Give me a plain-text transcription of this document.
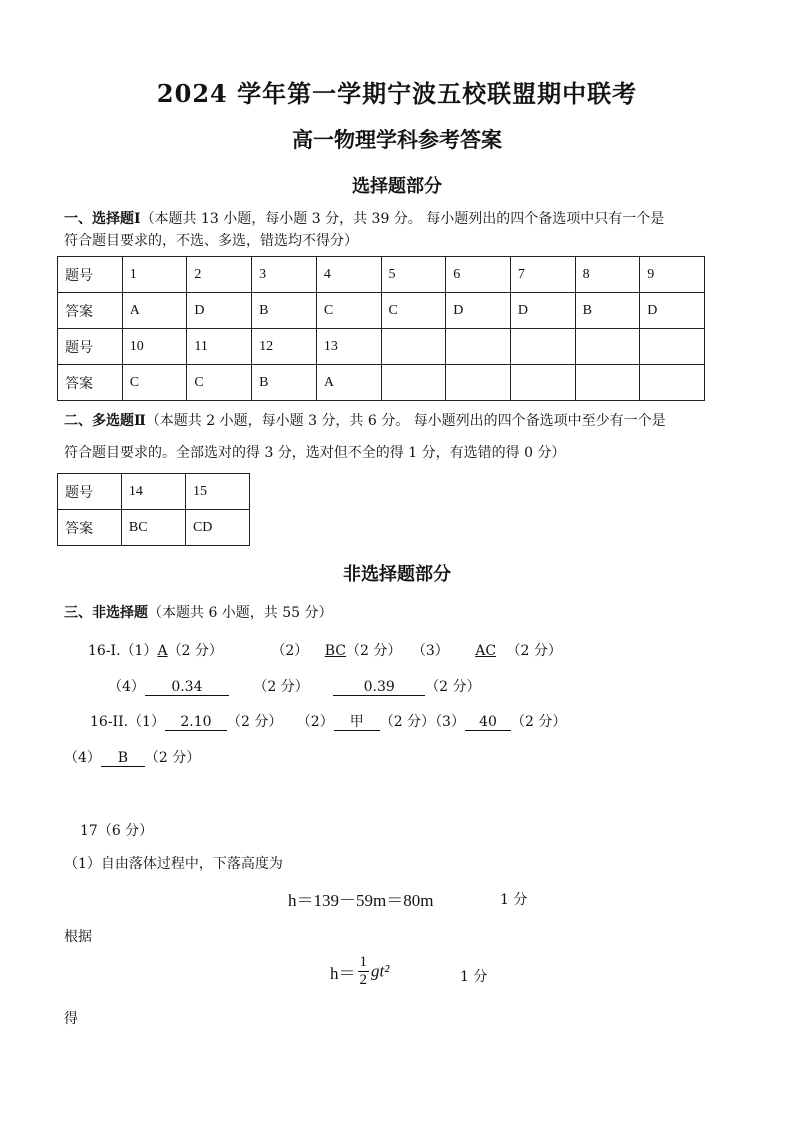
2024 学年第一学期宁波五校联盟期中联考
高一物理学科参考答案
选择题部分
一、选择题Ⅰ（本题共 13 小题，每小题 3 分，共 39 分。 每小题列出的四个备选项中只有一个是
符合题目要求的，不选、多选，错选均不得分）
题号	1	2	3	4	5	6	7	8	9
答案	A	D	B	C	C	D	D	B	D
题号	10	11	12	13					
答案	C	C	B	A					
二、多选题Ⅱ（本题共 2 小题，每小题 3 分，共 6 分。 每小题列出的四个备选项中至少有一个是
符合题目要求的。全部选对的得 3 分，选对但不全的得 1 分，有选错的得 0 分）
题号	14	15
答案	BC	CD
非选择题部分
三、非选择题（本题共 6 小题，共 55 分）
16-I.（1）A（2 分）	（2） BC（2 分） （3） AC （2 分）
（4） 0.34	（2 分）	0.39 （2 分）
16-II.（1） 2.10 （2 分） （2） 甲 （2 分）（3） 40 （2 分）
（4） B （2 分）
17（6 分）
（1）自由落体过程中，下落高度为
h＝139－59m＝80m	1 分
根据
$h= \frac{1}{2} gt^2$	1 分
得
